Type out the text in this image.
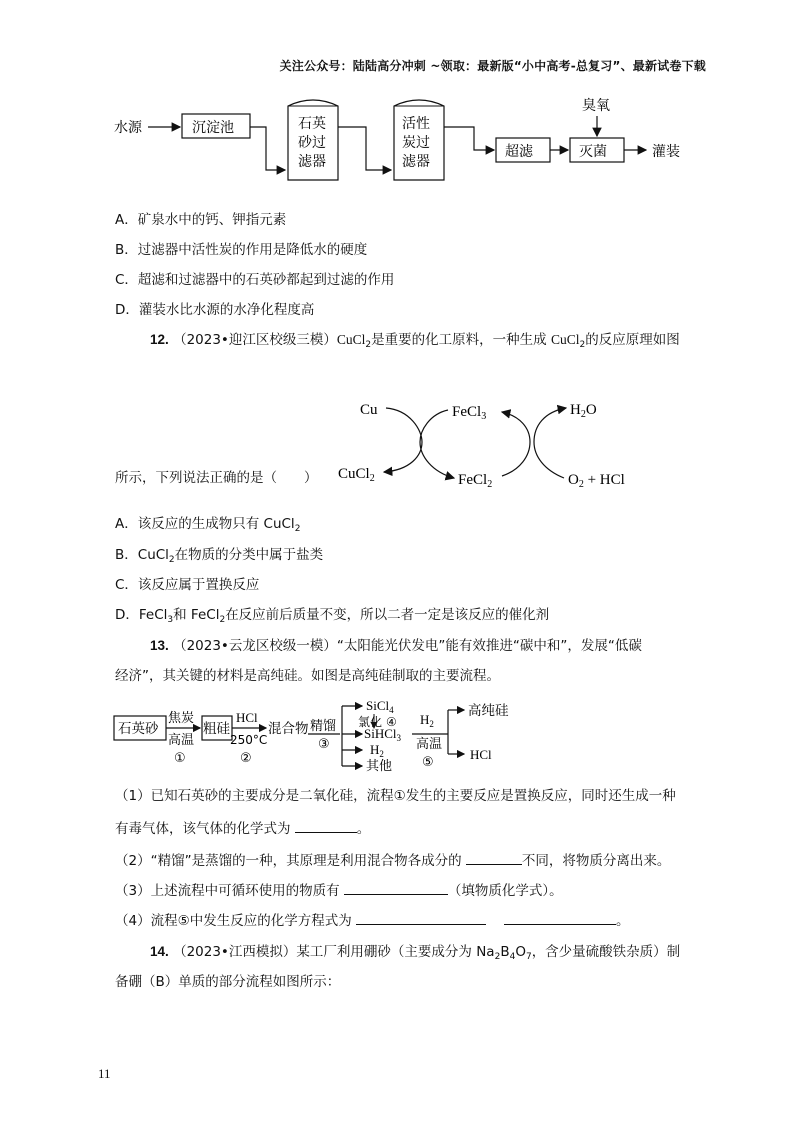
关注公众号：陆陆高分冲刺 ~领取：最新版“小中高考-总复习”、最新试卷下载
水源	沉淀池	石英
砂过
滤器
活性
炭过
滤器
超滤	灭菌
臭氧
灌装
A．矿泉水中的钙、钾指元素
B．过滤器中活性炭的作用是降低水的硬度
C．超滤和过滤器中的石英砂都起到过滤的作用
D．灌装水比水源的水净化程度高
12. （2023•迎江区校级三模）CuCl$_2$是重要的化工原料，一种生成 CuCl$_2$的反应原理如图
Cu
CuCl$_2$
FeCl$_3$
FeCl$_2$
$H_2O$
$O_2$ + HCl
所示，下列说法正确的是（　　）
A．该反应的生成物只有 CuCl$_2$
B．CuCl$_2$在物质的分类中属于盐类
C．该反应属于置换反应
D．FeCl$_3$和 FeCl$_2$在反应前后质量不变，所以二者一定是该反应的催化剂
13. （2023•云龙区校级一模）“太阳能光伏发电”能有效推进“碳中和”，发展“低碳
经济”，其关键的材料是高纯硅。如图是高纯硅制取的主要流程。
石英砂
焦炭
高温
①
粗硅
HCl
250°C
②
混合物 精馏
③
SiCl$_4$
氯化 ④
SiHCl$_3$
$H_2$
其他
$H_2$
高温
⑤
高纯硅
HCl
（1）已知石英砂的主要成分是二氧化硅，流程①发生的主要反应是置换反应，同时还生成一种
有毒气体，该气体的化学式为	。
（2）“精馏”是蒸馏的一种，其原理是利用混合物各成分的	不同，将物质分离出来。
（3）上述流程中可循环使用的物质有	（填物质化学式）。
（4）流程⑤中发生反应的化学方程式为	。
14. （2023•江西模拟）某工厂利用硼砂（主要成分为 $Na_2B_4O_7$，含少量硫酸铁杂质）制
备硼（B）单质的部分流程如图所示：
11
